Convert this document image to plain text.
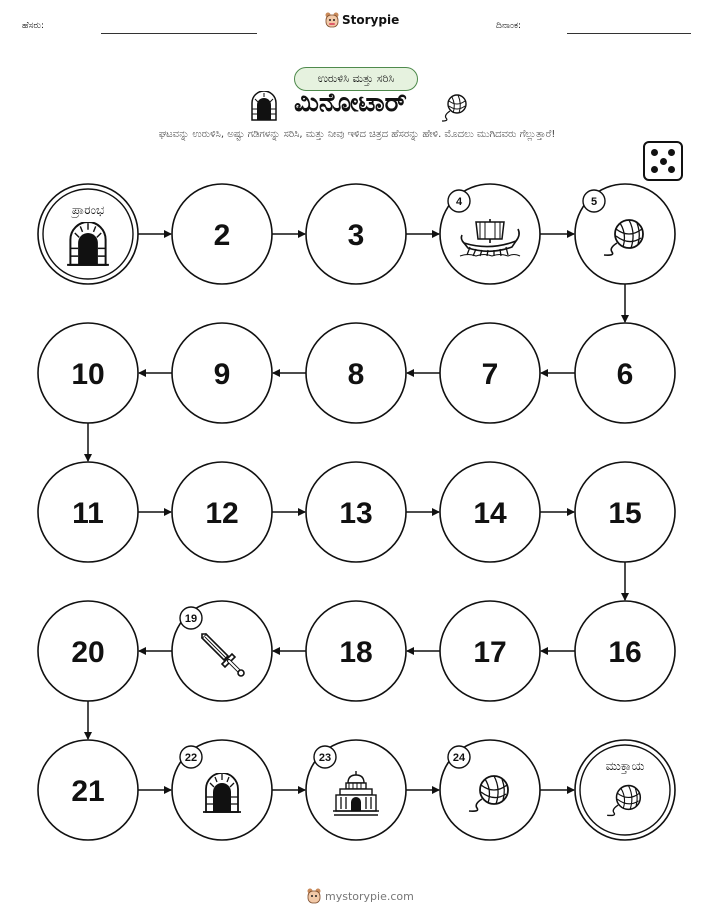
ಹೆಸರು:	Storypie	ದಿನಾಂಕ:
ಉರುಳಿಸಿ ಮತ್ತು ಸರಿಸಿ
ಮಿನೋಟಾರ್
ಘಟವನ್ನು ಉರುಳಿಸಿ, ಅಷ್ಟು ಗಡಿಗಳನ್ನು ಸರಿಸಿ, ಮತ್ತು ನೀವು ಇಳಿದ ಚಿತ್ರದ ಹೆಸರನ್ನು ಹೇಳಿ. ಮೊದಲು ಮುಗಿದವರು ಗೆಲ್ಲುತ್ತಾರೆ!
ಪ್ರಾರಂಭ
2	3
4	5
6
7
8
9
10
11	12	13	14	15
16
17
18
19
20
21
22	23	24
ಮುಕ್ತಾಯ
mystorypie.com
